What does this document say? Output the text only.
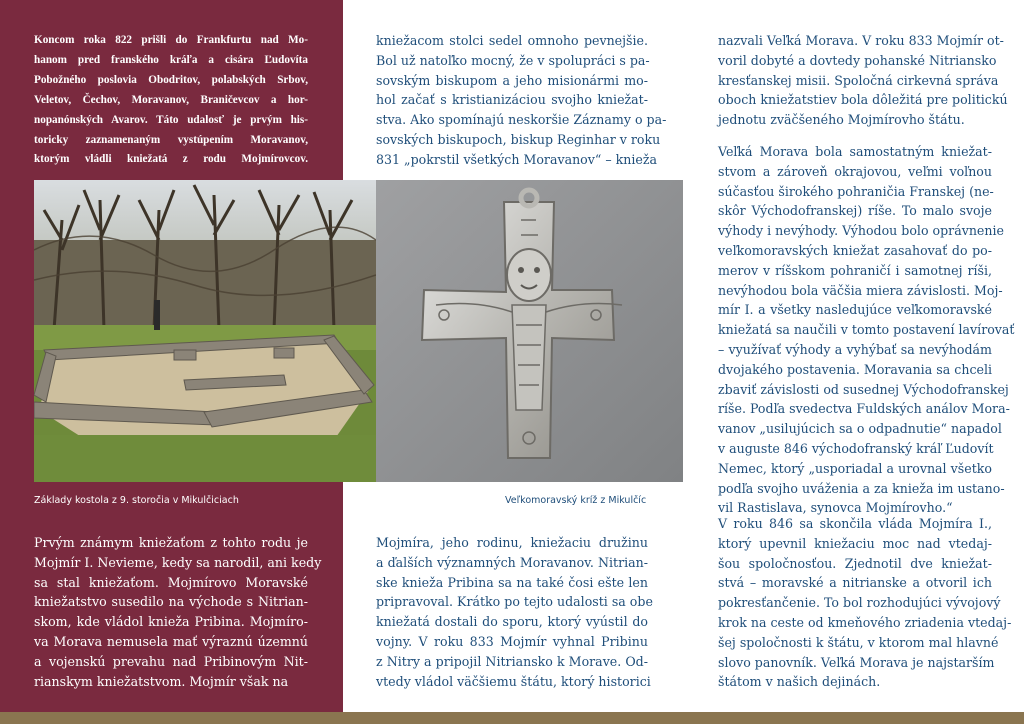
Koncom roka 822 prišli do Frankfurtu nad Mo-
hanom pred franského kráľa a cisára Ľudovíta
Pobožného poslovia Obodritov, polabských Srbov,
Veletov, Čechov, Moravanov, Braničevcov a hor-
nopanónských Avarov. Táto udalosť je prvým his-
toricky zaznamenaným vystúpením Moravanov,
ktorým vládli kniežatá z rodu Mojmírovcov.
Prvým známym kniežaťom z tohto rodu je
Mojmír I. Nevieme, kedy sa narodil, ani kedy
sa stal kniežaťom. Mojmírovo Moravské
kniežatstvo susedilo na východe s Nitrian-
skom, kde vládol knieža Pribina. Mojmíro-
va Morava nemusela mať výraznú územnú
a vojenskú prevahu nad Pribinovým Nit-
rianskym kniežatstvom. Mojmír však na
kniežacom stolci sedel omnoho pevnejšie.
Bol už natoľko mocný, že v spolupráci s pa-
sovským biskupom a jeho misionármi mo-
hol začať s kristianizáciou svojho kniežat-
stva. Ako spomínajú neskoršie Záznamy o pa-
sovských biskupoch, biskup Reginhar v roku
831 „pokrstil všetkých Moravanov“ – knieža
Mojmíra, jeho rodinu, kniežaciu družinu
a ďalších významných Moravanov. Nitrian-
ske knieža Pribina sa na také čosi ešte len
pripravoval. Krátko po tejto udalosti sa obe
kniežatá dostali do sporu, ktorý vyústil do
vojny. V roku 833 Mojmír vyhnal Pribinu
z Nitry a pripojil Nitriansko k Morave. Od-
vtedy vládol väčšiemu štátu, ktorý historici
nazvali Veľká Morava. V roku 833 Mojmír ot-
voril dobyté a dovtedy pohanské Nitriansko
kresťanskej misii. Spoločná cirkevná správa
oboch kniežatstiev bola dôležitá pre politickú
jednotu zväčšeného Mojmírovho štátu.
Veľká Morava bola samostatným kniežat-
stvom a zároveň okrajovou, veľmi voľnou
súčasťou širokého pohraničia Franskej (ne-
skôr Východofranskej) ríše. To malo svoje
výhody i nevýhody. Výhodou bolo oprávnenie
veľkomoravských kniežat zasahovať do po-
merov v ríšskom pohraničí i samotnej ríši,
nevýhodou bola väčšia miera závislosti. Moj-
mír I. a všetky nasledujúce veľkomoravské
kniežatá sa naučili v tomto postavení lavírovať
– využívať výhody a vyhýbať sa nevýhodám
dvojakého postavenia. Moravania sa chceli
zbaviť závislosti od susednej Východofranskej
ríše. Podľa svedectva Fuldských análov Mora-
vanov „usilujúcich sa o odpadnutie“ napadol
v auguste 846 východofranský kráľ Ľudovít
Nemec, ktorý „usporiadal a urovnal všetko
podľa svojho uváženia a za knieža im ustano-
vil Rastislava, synovca Mojmírovho.“
V roku 846 sa skončila vláda Mojmíra I.,
ktorý upevnil kniežaciu moc nad vtedaj-
šou spoločnosťou. Zjednotil dve kniežat-
stvá – moravské a nitrianske a otvoril ich
pokresťančenie. To bol rozhodujúci vývojový
krok na ceste od kmeňového zriadenia vtedaj-
šej spoločnosti k štátu, v ktorom mal hlavné
slovo panovník. Veľká Morava je najstarším
štátom v našich dejinách.
Základy kostola z 9. storočia v Mikulčiciach	Veľkomoravský kríž z Mikulčíc
